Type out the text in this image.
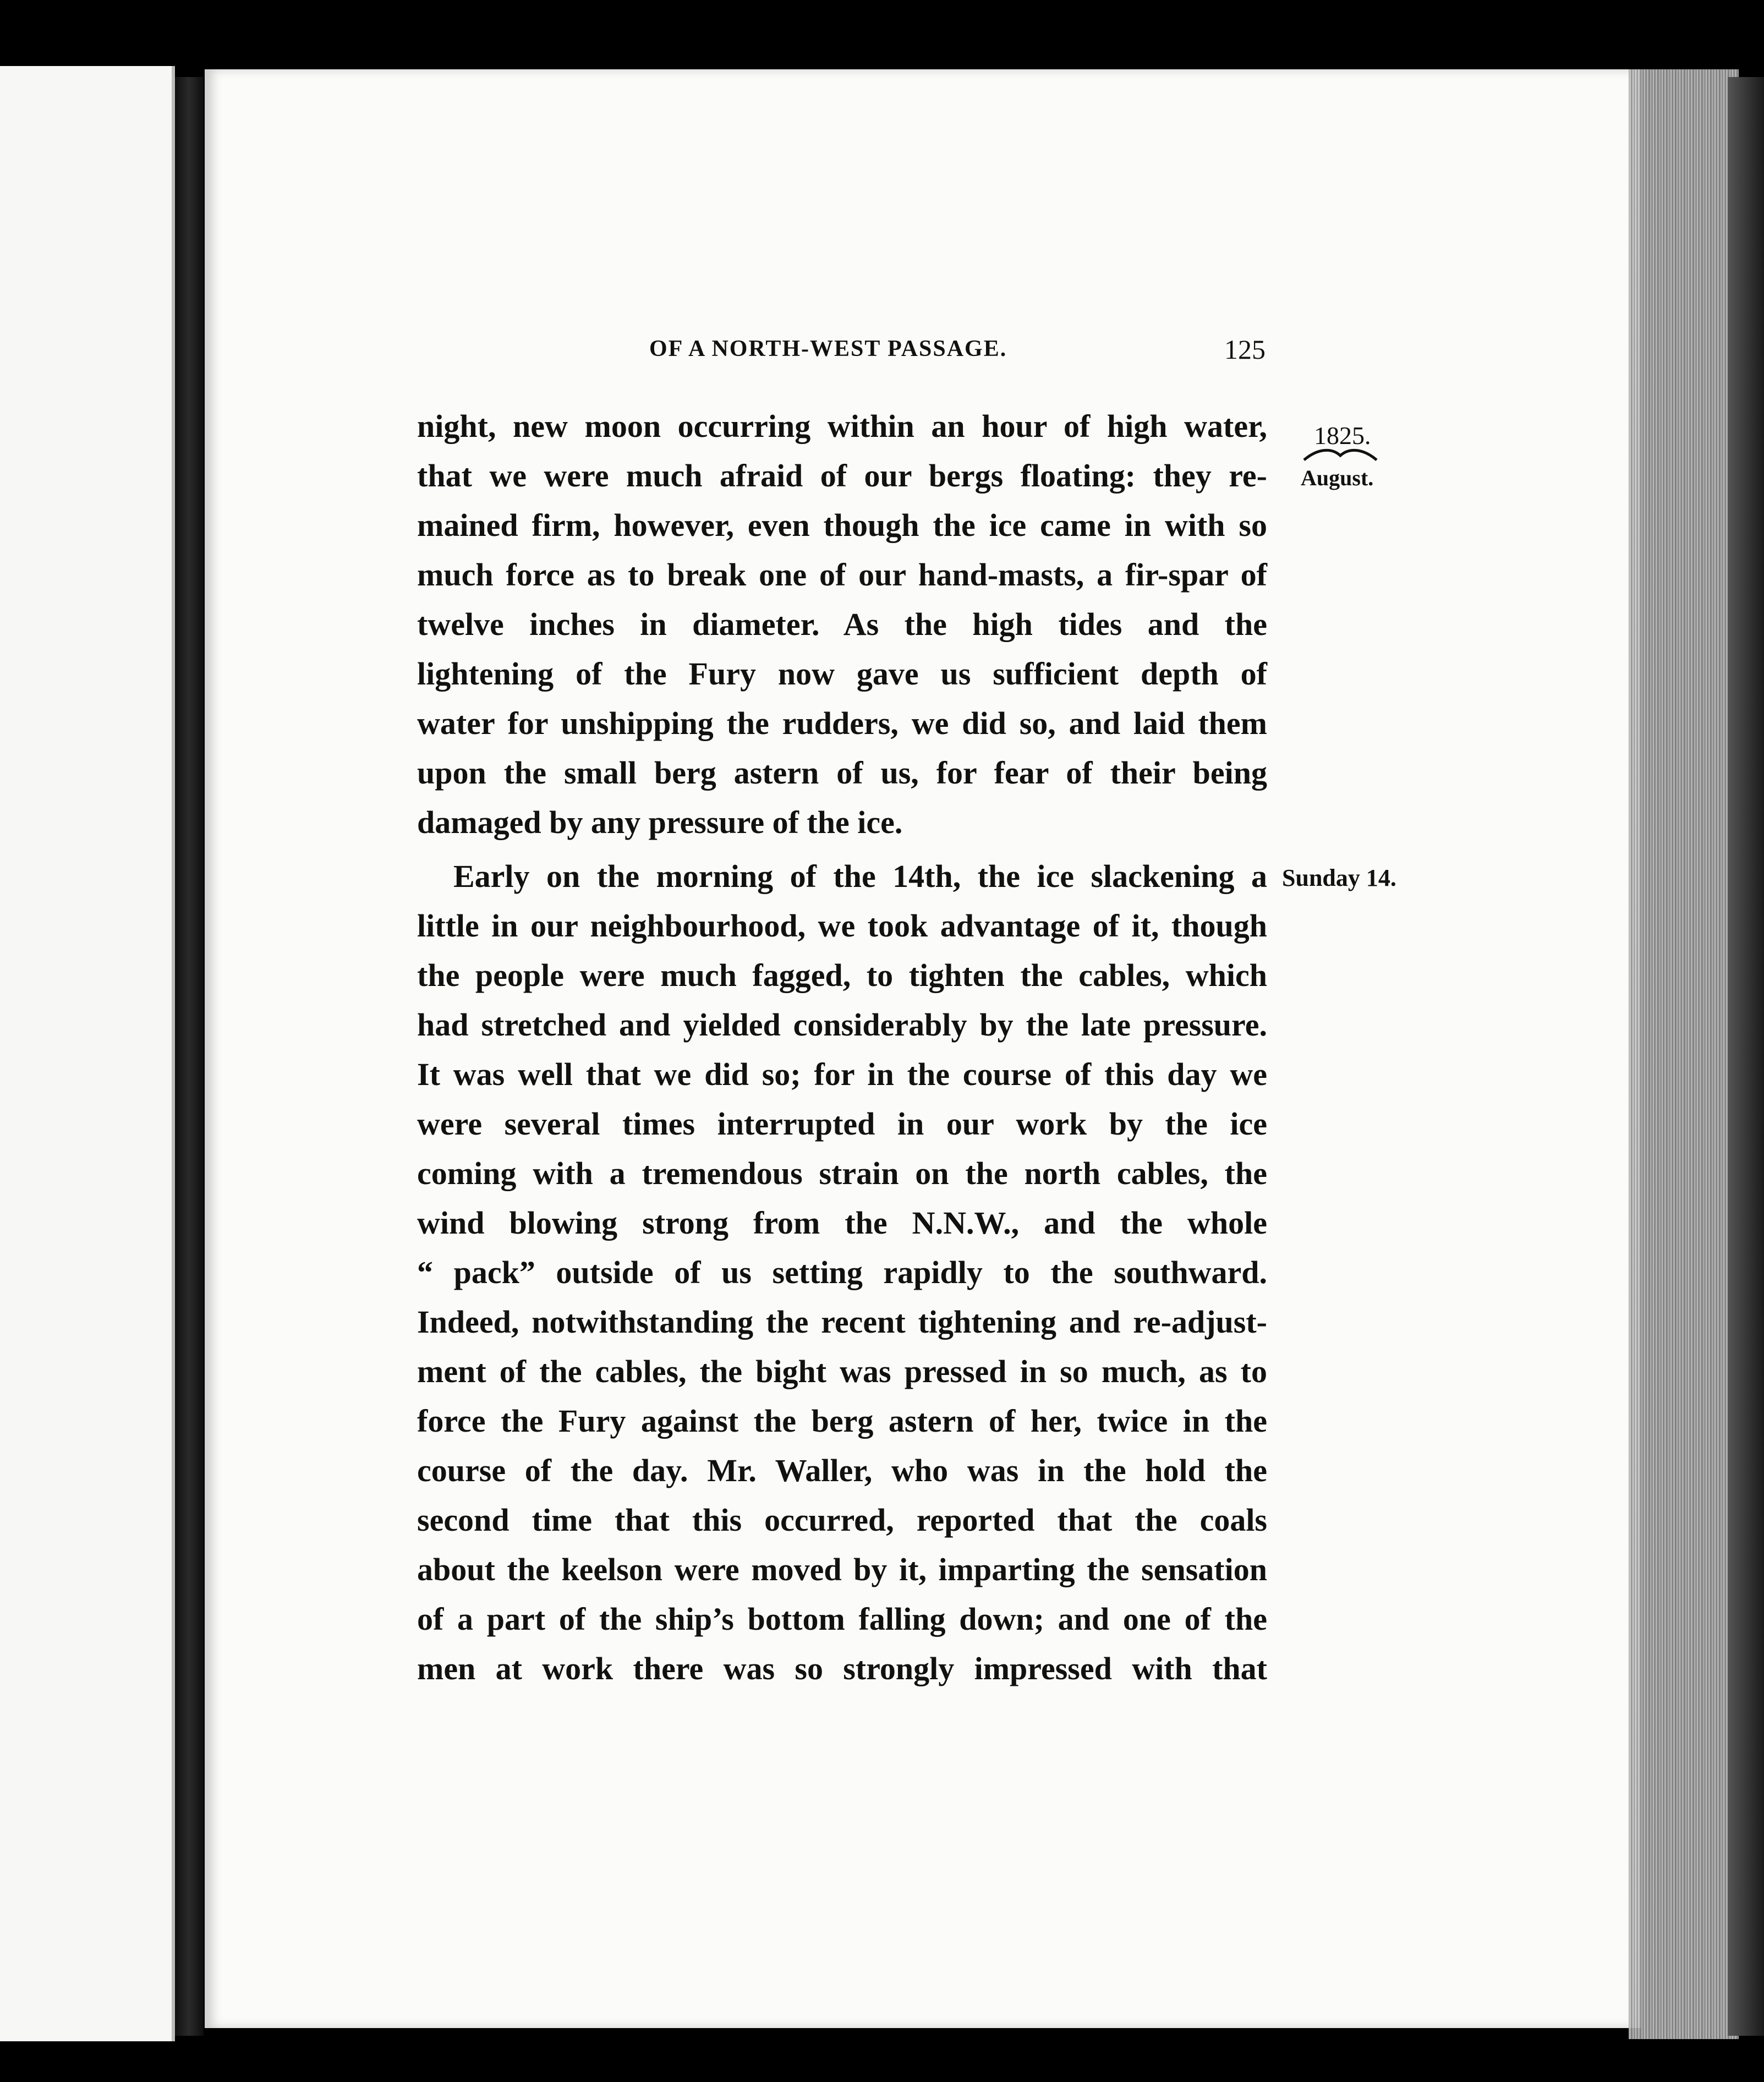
OF A NORTH-WEST PASSAGE.	125
1825.
August.
Sunday 14.
night, new moon occurring within an hour of high water,
that we were much afraid of our bergs floating: they re-
mained firm, however, even though the ice came in with so
much force as to break one of our hand-masts, a fir-spar of
twelve inches in diameter. As the high tides and the
lightening of the Fury now gave us sufficient depth of
water for unshipping the rudders, we did so, and laid them
upon the small berg astern of us, for fear of their being
damaged by any pressure of the ice.
Early on the morning of the 14th, the ice slackening a
little in our neighbourhood, we took advantage of it, though
the people were much fagged, to tighten the cables, which
had stretched and yielded considerably by the late pressure.
It was well that we did so; for in the course of this day we
were several times interrupted in our work by the ice
coming with a tremendous strain on the north cables, the
wind blowing strong from the N.N.W., and the whole
“ pack” outside of us setting rapidly to the southward.
Indeed, notwithstanding the recent tightening and re-adjust-
ment of the cables, the bight was pressed in so much, as to
force the Fury against the berg astern of her, twice in the
course of the day. Mr. Waller, who was in the hold the
second time that this occurred, reported that the coals
about the keelson were moved by it, imparting the sensation
of a part of the ship’s bottom falling down; and one of the
men at work there was so strongly impressed with that
